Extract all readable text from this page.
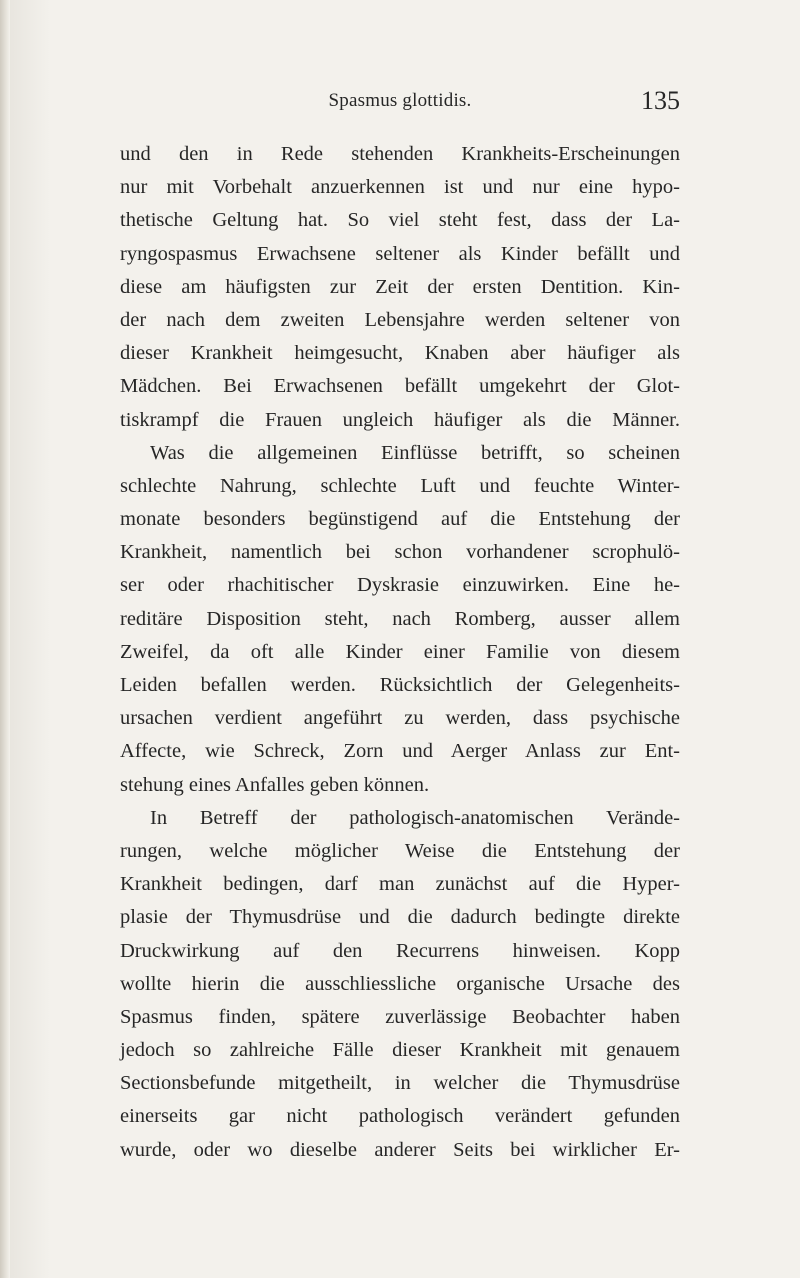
Spasmus glottidis.	135
und den in Rede stehenden Krankheits-Erscheinungen
nur mit Vorbehalt anzuerkennen ist und nur eine hypo-
thetische Geltung hat. So viel steht fest, dass der La-
ryngospasmus Erwachsene seltener als Kinder befällt und
diese am häufigsten zur Zeit der ersten Dentition. Kin-
der nach dem zweiten Lebensjahre werden seltener von
dieser Krankheit heimgesucht, Knaben aber häufiger als
Mädchen. Bei Erwachsenen befällt umgekehrt der Glot-
tiskrampf die Frauen ungleich häufiger als die Männer.
Was die allgemeinen Einflüsse betrifft, so scheinen
schlechte Nahrung, schlechte Luft und feuchte Winter-
monate besonders begünstigend auf die Entstehung der
Krankheit, namentlich bei schon vorhandener scrophulö-
ser oder rhachitischer Dyskrasie einzuwirken. Eine he-
reditäre Disposition steht, nach Romberg, ausser allem
Zweifel, da oft alle Kinder einer Familie von diesem
Leiden befallen werden. Rücksichtlich der Gelegenheits-
ursachen verdient angeführt zu werden, dass psychische
Affecte, wie Schreck, Zorn und Aerger Anlass zur Ent-
stehung eines Anfalles geben können.
In Betreff der pathologisch-anatomischen Verände-
rungen, welche möglicher Weise die Entstehung der
Krankheit bedingen, darf man zunächst auf die Hyper-
plasie der Thymusdrüse und die dadurch bedingte direkte
Druckwirkung auf den Recurrens hinweisen. Kopp
wollte hierin die ausschliessliche organische Ursache des
Spasmus finden, spätere zuverlässige Beobachter haben
jedoch so zahlreiche Fälle dieser Krankheit mit genauem
Sectionsbefunde mitgetheilt, in welcher die Thymusdrüse
einerseits gar nicht pathologisch verändert gefunden
wurde, oder wo dieselbe anderer Seits bei wirklicher Er-
